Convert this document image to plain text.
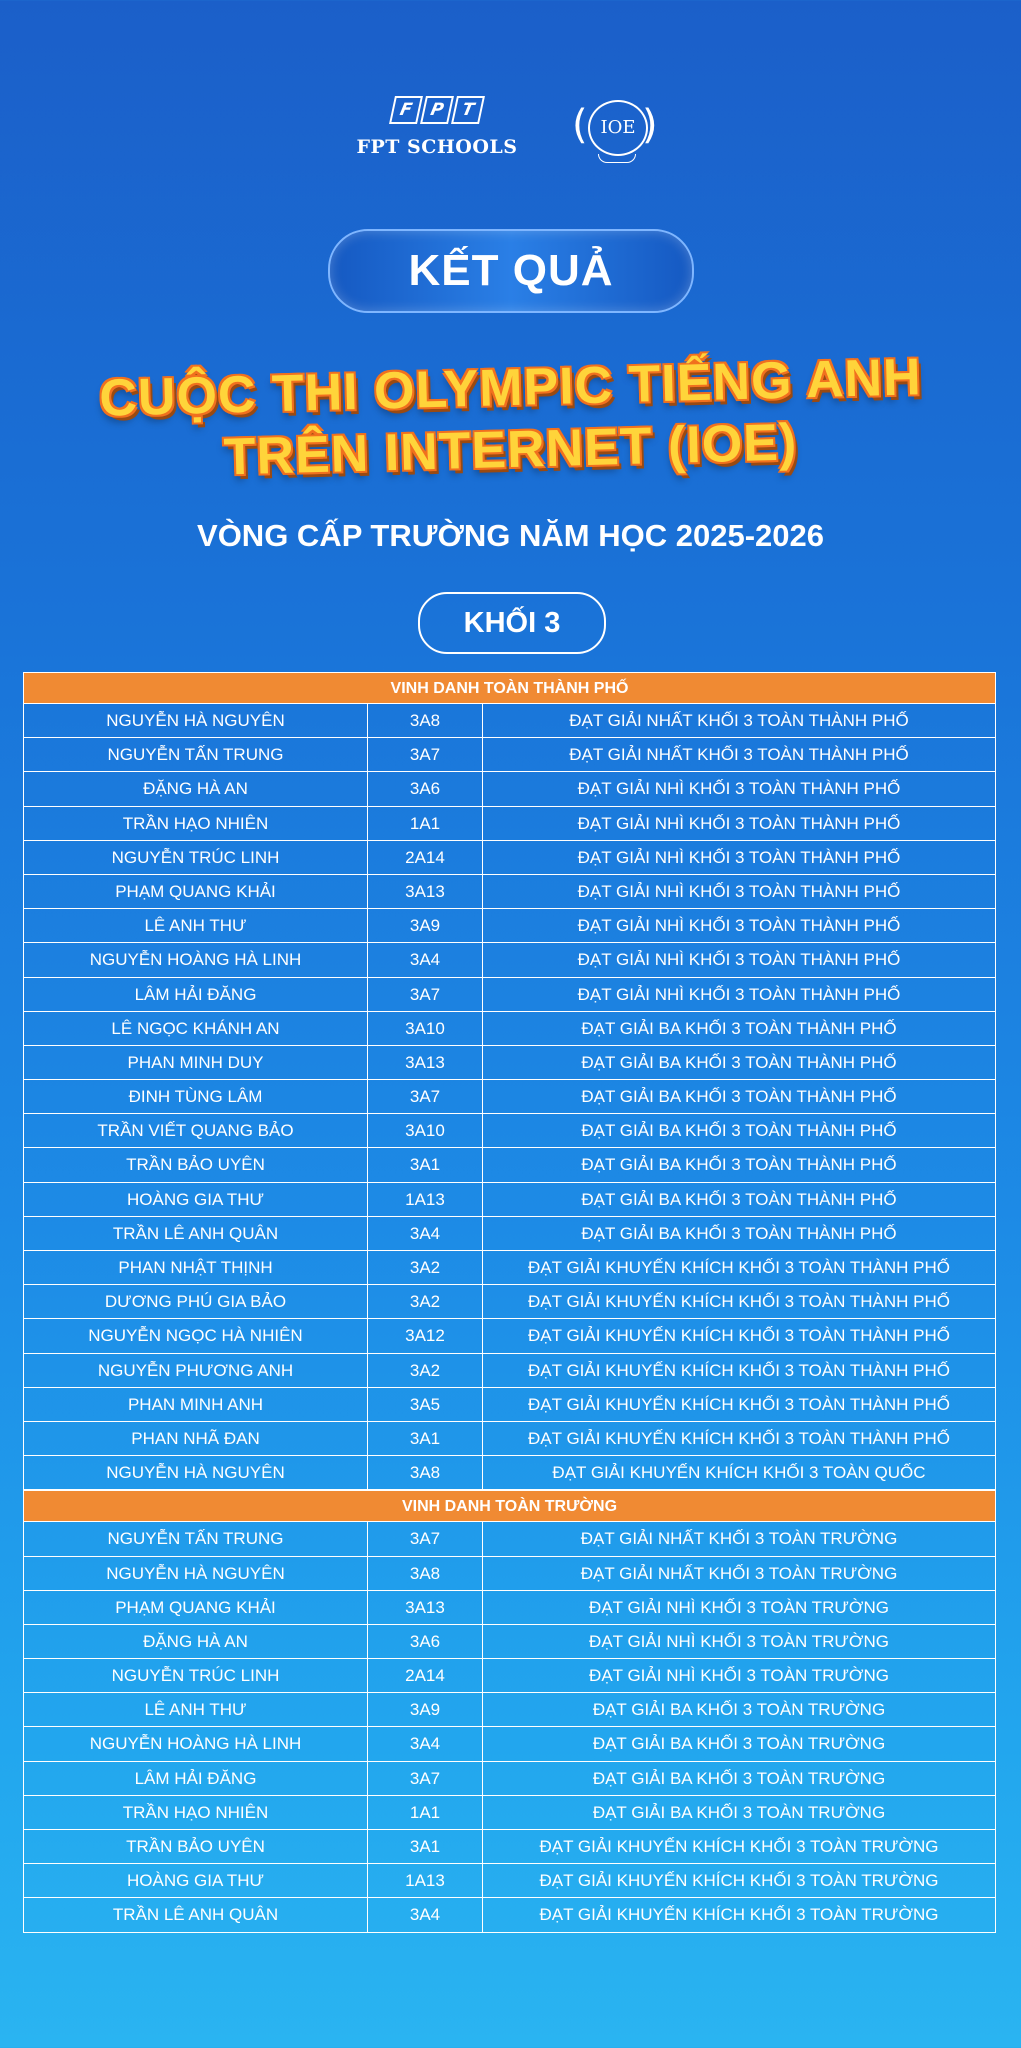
F P T
FPT SCHOOLS ( IOE )
KẾT QUẢ
CUỘC THI OLYMPIC TIẾNG ANH
TRÊN INTERNET (IOE)
VÒNG CẤP TRƯỜNG NĂM HỌC 2025-2026
KHỐI 3
VINH DANH TOÀN THÀNH PHỐ
NGUYỄN HÀ NGUYÊN	3A8	ĐẠT GIẢI NHẤT KHỐI 3 TOÀN THÀNH PHỐ
NGUYỄN TẤN TRUNG	3A7	ĐẠT GIẢI NHẤT KHỐI 3 TOÀN THÀNH PHỐ
ĐẶNG HÀ AN	3A6	ĐẠT GIẢI NHÌ KHỐI 3 TOÀN THÀNH PHỐ
TRẦN HẠO NHIÊN	1A1	ĐẠT GIẢI NHÌ KHỐI 3 TOÀN THÀNH PHỐ
NGUYỄN TRÚC LINH	2A14	ĐẠT GIẢI NHÌ KHỐI 3 TOÀN THÀNH PHỐ
PHẠM QUANG KHẢI	3A13	ĐẠT GIẢI NHÌ KHỐI 3 TOÀN THÀNH PHỐ
LÊ ANH THƯ	3A9	ĐẠT GIẢI NHÌ KHỐI 3 TOÀN THÀNH PHỐ
NGUYỄN HOÀNG HÀ LINH	3A4	ĐẠT GIẢI NHÌ KHỐI 3 TOÀN THÀNH PHỐ
LÂM HẢI ĐĂNG	3A7	ĐẠT GIẢI NHÌ KHỐI 3 TOÀN THÀNH PHỐ
LÊ NGỌC KHÁNH AN	3A10	ĐẠT GIẢI BA KHỐI 3 TOÀN THÀNH PHỐ
PHAN MINH DUY	3A13	ĐẠT GIẢI BA KHỐI 3 TOÀN THÀNH PHỐ
ĐINH TÙNG LÂM	3A7	ĐẠT GIẢI BA KHỐI 3 TOÀN THÀNH PHỐ
TRẦN VIẾT QUANG BẢO	3A10	ĐẠT GIẢI BA KHỐI 3 TOÀN THÀNH PHỐ
TRẦN BẢO UYÊN	3A1	ĐẠT GIẢI BA KHỐI 3 TOÀN THÀNH PHỐ
HOÀNG GIA THƯ	1A13	ĐẠT GIẢI BA KHỐI 3 TOÀN THÀNH PHỐ
TRẦN LÊ ANH QUÂN	3A4	ĐẠT GIẢI BA KHỐI 3 TOÀN THÀNH PHỐ
PHAN NHẬT THỊNH	3A2	ĐẠT GIẢI KHUYẾN KHÍCH KHỐI 3 TOÀN THÀNH PHỐ
DƯƠNG PHÚ GIA BẢO	3A2	ĐẠT GIẢI KHUYẾN KHÍCH KHỐI 3 TOÀN THÀNH PHỐ
NGUYỄN NGỌC HÀ NHIÊN	3A12	ĐẠT GIẢI KHUYẾN KHÍCH KHỐI 3 TOÀN THÀNH PHỐ
NGUYỄN PHƯƠNG ANH	3A2	ĐẠT GIẢI KHUYẾN KHÍCH KHỐI 3 TOÀN THÀNH PHỐ
PHAN MINH ANH	3A5	ĐẠT GIẢI KHUYẾN KHÍCH KHỐI 3 TOÀN THÀNH PHỐ
PHAN NHÃ ĐAN	3A1	ĐẠT GIẢI KHUYẾN KHÍCH KHỐI 3 TOÀN THÀNH PHỐ
NGUYỄN HÀ NGUYÊN	3A8	ĐẠT GIẢI KHUYẾN KHÍCH KHỐI 3 TOÀN QUỐC
VINH DANH TOÀN TRƯỜNG
NGUYỄN TẤN TRUNG	3A7	ĐẠT GIẢI NHẤT KHỐI 3 TOÀN TRƯỜNG
NGUYỄN HÀ NGUYÊN	3A8	ĐẠT GIẢI NHẤT KHỐI 3 TOÀN TRƯỜNG
PHẠM QUANG KHẢI	3A13	ĐẠT GIẢI NHÌ KHỐI 3 TOÀN TRƯỜNG
ĐẶNG HÀ AN	3A6	ĐẠT GIẢI NHÌ KHỐI 3 TOÀN TRƯỜNG
NGUYỄN TRÚC LINH	2A14	ĐẠT GIẢI NHÌ KHỐI 3 TOÀN TRƯỜNG
LÊ ANH THƯ	3A9	ĐẠT GIẢI BA KHỐI 3 TOÀN TRƯỜNG
NGUYỄN HOÀNG HÀ LINH	3A4	ĐẠT GIẢI BA KHỐI 3 TOÀN TRƯỜNG
LÂM HẢI ĐĂNG	3A7	ĐẠT GIẢI BA KHỐI 3 TOÀN TRƯỜNG
TRẦN HẠO NHIÊN	1A1	ĐẠT GIẢI BA KHỐI 3 TOÀN TRƯỜNG
TRẦN BẢO UYÊN	3A1	ĐẠT GIẢI KHUYẾN KHÍCH KHỐI 3 TOÀN TRƯỜNG
HOÀNG GIA THƯ	1A13	ĐẠT GIẢI KHUYẾN KHÍCH KHỐI 3 TOÀN TRƯỜNG
TRẦN LÊ ANH QUÂN	3A4	ĐẠT GIẢI KHUYẾN KHÍCH KHỐI 3 TOÀN TRƯỜNG
